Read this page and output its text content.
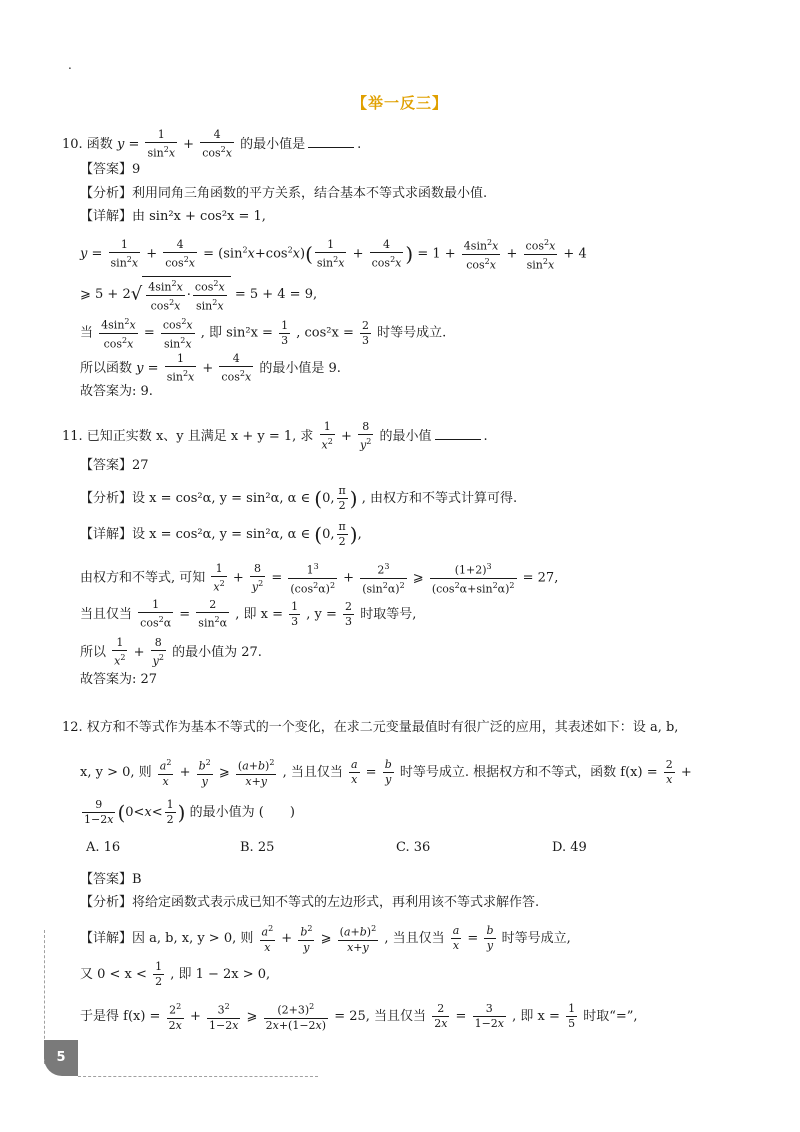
.
【举一反三】
10. 函数 $y = \frac{1}{\sin^2x} + \frac{4}{\cos^2x}$ 的最小值是	.
【答案】9
【分析】利用同角三角函数的平方关系，结合基本不等式求函数最小值.
【详解】由 sin²x + cos²x = 1,
$y = \frac{1}{\sin^2x} + \frac{4}{\cos^2x} = (\sin^2x+\cos^2x)( \frac{1}{\sin^2x} + \frac{4}{\cos^2x}$ ) = $1 + \frac{4\sin^2x}{\cos^2x} + \frac{\cos^2x}{\sin^2x} + 4$
⩾ $5 + 2√ \frac{4\sin^2x}{\cos^2x} \cdot \frac{\cos^2x}{\sin^2x} = 5 + 4 = 9$,
当 $\frac{4\sin^2x}{\cos^2x} = \frac{\cos^2x}{\sin^2x}$ , 即 $\sin^2x = \frac{1}{3}$ , $\cos^2x = \frac{2}{3}$ 时等号成立.
所以函数 $y = \frac{1}{\sin^2x} + \frac{4}{\cos^2x}$ 的最小值是 9.
故答案为: 9.
11. 已知正实数 x、y 且满足 x + y = 1, 求 $\frac{1}{x^2} + \frac{8}{y^2}$ 的最小值	.
【答案】27
【分析】设 x = cos²α, y = sin²α, α ∈ (0, $\frac{\pi}{2}$ ) , 由权方和不等式计算可得.
【详解】设 x = cos²α, y = sin²α, α ∈ (0, $\frac{\pi}{2}$ ),
由权方和不等式, 可知 $\frac{1}{x^2} + \frac{8}{y^2} = \frac{1^3}{(\cos^2\alpha)^2} + \frac{2^3}{(\sin^2\alpha)^2}$ ⩾ $\frac{(1+2)^3}{(\cos^2\alpha+\sin^2\alpha)^2} = 27$,
当且仅当 $\frac{1}{\cos^2\alpha} = \frac{2}{\sin^2\alpha}$ , 即 $x = \frac{1}{3}$ , $y = \frac{2}{3}$ 时取等号,
所以 $\frac{1}{x^2} + \frac{8}{y^2}$ 的最小值为 27.
故答案为: 27
12. 权方和不等式作为基本不等式的一个变化，在求二元变量最值时有很广泛的应用，其表述如下：设 a, b,
x, y > 0, 则 $\frac{a^2}{x} + \frac{b^2}{y}$ ⩾ $\frac{(a+b)^2}{x+y}$ , 当且仅当 $\frac{a}{x} = \frac{b}{y}$ 时等号成立. 根据权方和不等式，函数 $f(x) = \frac{2}{x}$ +
$\frac{9}{1-2x} (0<x< \frac{1}{2}$ ) 的最小值为 (　　)
A. 16	B. 25	C. 36	D. 49
【答案】B
【分析】将给定函数式表示成已知不等式的左边形式，再利用该不等式求解作答.
【详解】因 a, b, x, y > 0, 则 $\frac{a^2}{x} + \frac{b^2}{y}$ ⩾ $\frac{(a+b)^2}{x+y}$ , 当且仅当 $\frac{a}{x} = \frac{b}{y}$ 时等号成立,
又 $0 < x < \frac{1}{2}$ , 即 1 − 2x > 0,
于是得 $f(x) = \frac{2^2}{2x} + \frac{3^2}{1-2x}$ ⩾ $\frac{(2+3)^2}{2x+(1-2x)} = 25$, 当且仅当 $\frac{2}{2x} = \frac{3}{1-2x}$ , 即 $x = \frac{1}{5}$ 时取“=”,
5
